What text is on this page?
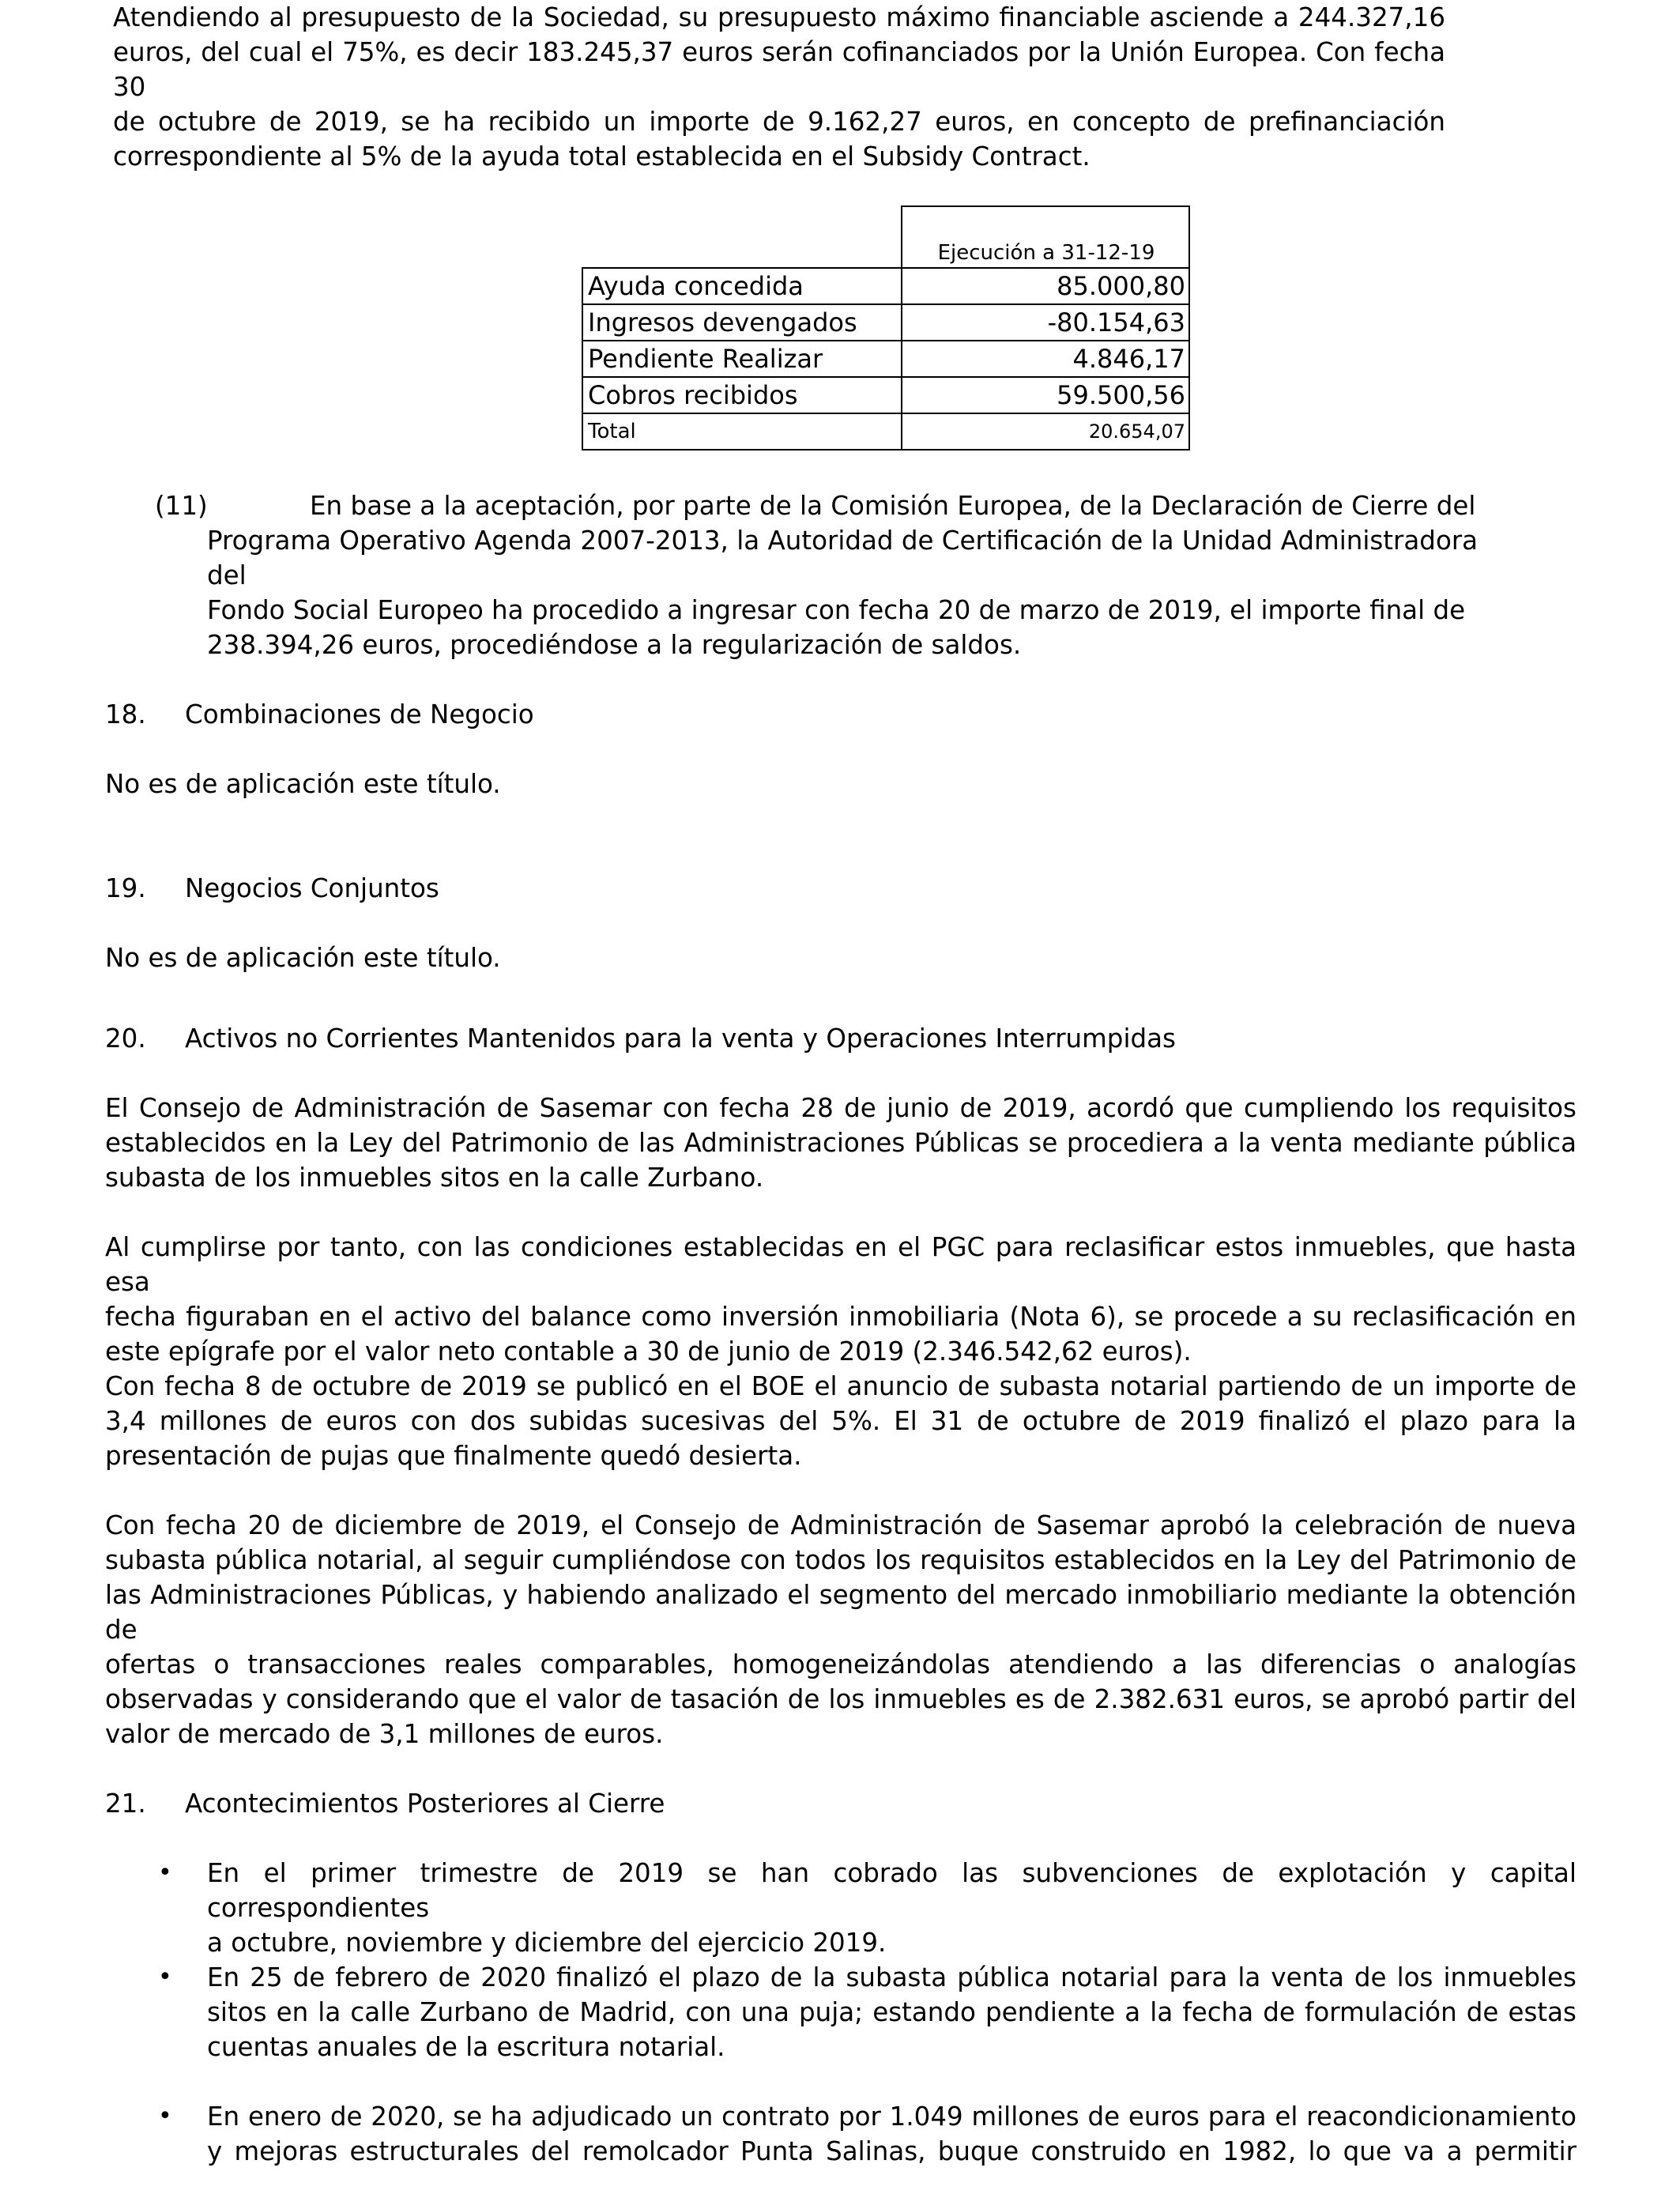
Atendiendo al presupuesto de la Sociedad, su presupuesto máximo financiable asciende a 244.327,16
euros, del cual el 75%, es decir 183.245,37 euros serán cofinanciados por la Unión Europea. Con fecha 30
de octubre de 2019, se ha recibido un importe de 9.162,27 euros, en concepto de prefinanciación
correspondiente al 5% de la ayuda total establecida en el Subsidy Contract.
	Ejecución a 31-12-19
Ayuda concedida	85.000,80
Ingresos devengados	-80.154,63
Pendiente Realizar	4.846,17
Cobros recibidos	59.500,56
Total	20.654,07
(11)	En base a la aceptación, por parte de la Comisión Europea, de la Declaración de Cierre del
Programa Operativo Agenda 2007-2013, la Autoridad de Certificación de la Unidad Administradora del
Fondo Social Europeo ha procedido a ingresar con fecha 20 de marzo de 2019, el importe final de
238.394,26 euros, procediéndose a la regularización de saldos.
18. Combinaciones de Negocio
No es de aplicación este título.
19. Negocios Conjuntos
No es de aplicación este título.
20. Activos no Corrientes Mantenidos para la venta y Operaciones Interrumpidas
El Consejo de Administración de Sasemar con fecha 28 de junio de 2019, acordó que cumpliendo los requisitos
establecidos en la Ley del Patrimonio de las Administraciones Públicas se procediera a la venta mediante pública
subasta de los inmuebles sitos en la calle Zurbano.
Al cumplirse por tanto, con las condiciones establecidas en el PGC para reclasificar estos inmuebles, que hasta esa
fecha figuraban en el activo del balance como inversión inmobiliaria (Nota 6), se procede a su reclasificación en
este epígrafe por el valor neto contable a 30 de junio de 2019 (2.346.542,62 euros).
Con fecha 8 de octubre de 2019 se publicó en el BOE el anuncio de subasta notarial partiendo de un importe de
3,4 millones de euros con dos subidas sucesivas del 5%. El 31 de octubre de 2019 finalizó el plazo para la
presentación de pujas que finalmente quedó desierta.
Con fecha 20 de diciembre de 2019, el Consejo de Administración de Sasemar aprobó la celebración de nueva
subasta pública notarial, al seguir cumpliéndose con todos los requisitos establecidos en la Ley del Patrimonio de
las Administraciones Públicas, y habiendo analizado el segmento del mercado inmobiliario mediante la obtención de
ofertas o transacciones reales comparables, homogeneizándolas atendiendo a las diferencias o analogías
observadas y considerando que el valor de tasación de los inmuebles es de 2.382.631 euros, se aprobó partir del
valor de mercado de 3,1 millones de euros.
21. Acontecimientos Posteriores al Cierre
• En el primer trimestre de 2019 se han cobrado las subvenciones de explotación y capital correspondientes
a octubre, noviembre y diciembre del ejercicio 2019.
• En 25 de febrero de 2020 finalizó el plazo de la subasta pública notarial para la venta de los inmuebles
sitos en la calle Zurbano de Madrid, con una puja; estando pendiente a la fecha de formulación de estas
cuentas anuales de la escritura notarial.
• En enero de 2020, se ha adjudicado un contrato por 1.049 millones de euros para el reacondicionamiento
y mejoras estructurales del remolcador Punta Salinas, buque construido en 1982, lo que va a permitir
